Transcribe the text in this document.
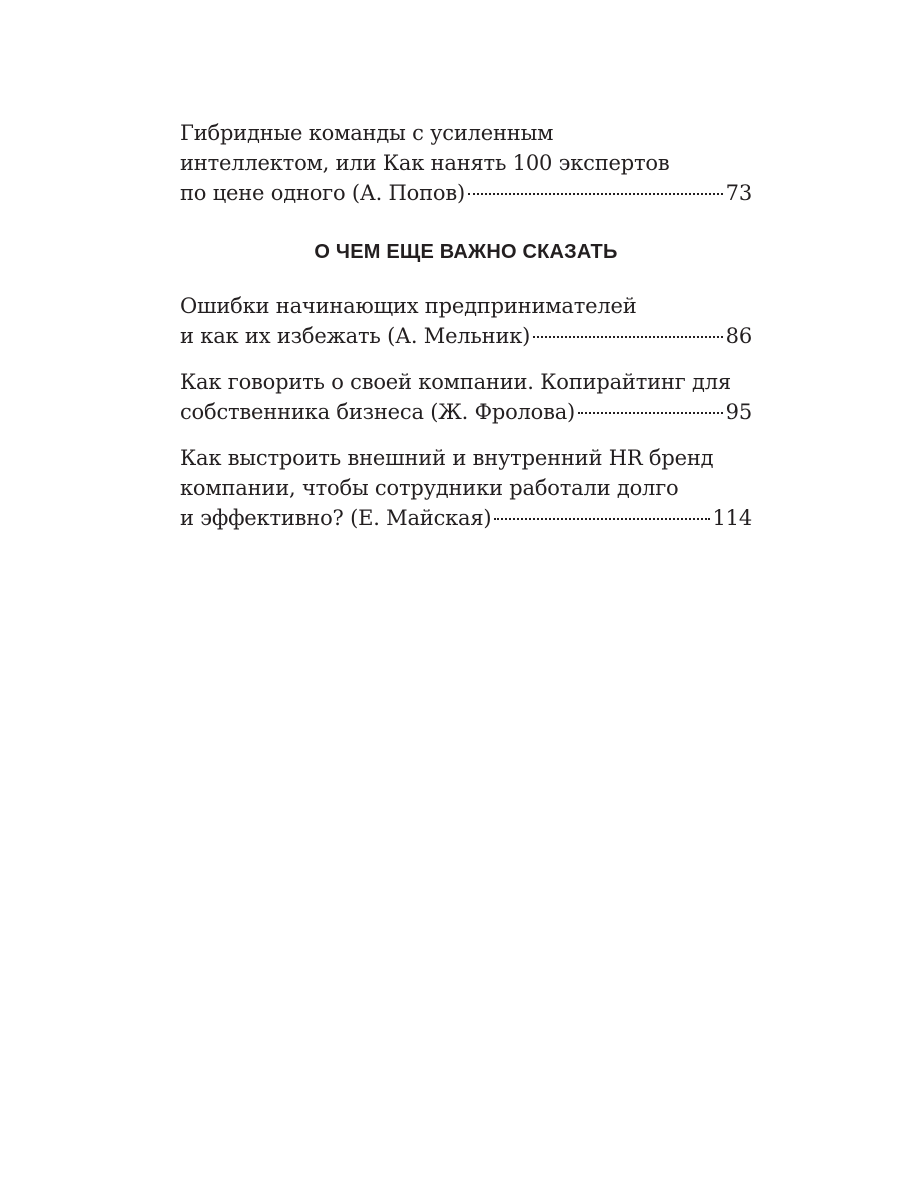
Гибридные команды с усиленным
интеллектом, или Как нанять 100 экспертов
по цене одного (А. Попов)	73
О ЧЕМ ЕЩЕ ВАЖНО СКАЗАТЬ
Ошибки начинающих предпринимателей
и как их избежать (А. Мельник)	86
Как говорить о своей компании. Копирайтинг для
собственника бизнеса (Ж. Фролова)	95
Как выстроить внешний и внутренний HR бренд
компании, чтобы сотрудники работали долго
и эффективно? (Е. Майская)	114
